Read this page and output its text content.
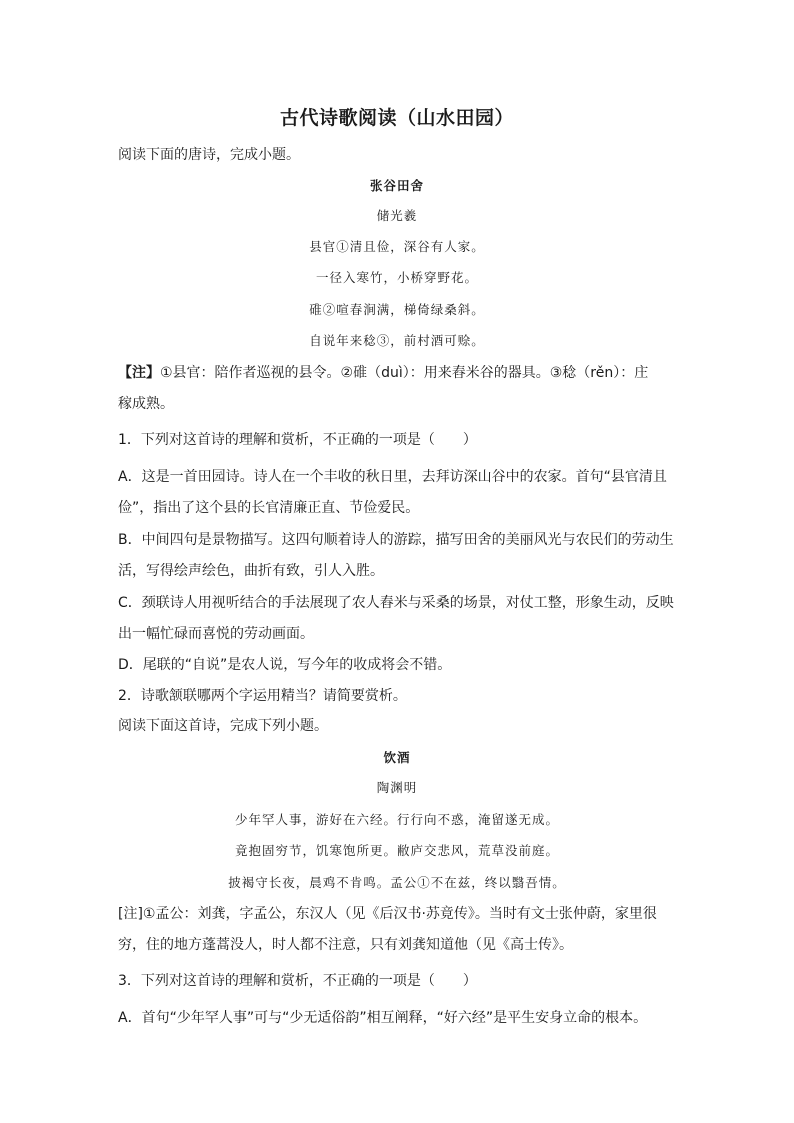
古代诗歌阅读（山水田园）
阅读下面的唐诗，完成小题。
张谷田舍
储光羲
县官①清且俭，深谷有人家。
一径入寒竹，小桥穿野花。
碓②喧春涧满，梯倚绿桑斜。
自说年来稔③，前村酒可赊。
【注】①县官：陪作者巡视的县令。②碓（duì）：用来舂米谷的器具。③稔（rěn）：庄
稼成熟。
1．下列对这首诗的理解和赏析，不正确的一项是（　　）
A．这是一首田园诗。诗人在一个丰收的秋日里，去拜访深山谷中的农家。首句“县官清且
俭”，指出了这个县的长官清廉正直、节俭爱民。
B．中间四句是景物描写。这四句顺着诗人的游踪，描写田舍的美丽风光与农民们的劳动生
活，写得绘声绘色，曲折有致，引人入胜。
C．颈联诗人用视听结合的手法展现了农人舂米与采桑的场景，对仗工整，形象生动，反映
出一幅忙碌而喜悦的劳动画面。
D．尾联的“自说”是农人说，写今年的收成将会不错。
2．诗歌颔联哪两个字运用精当？请简要赏析。
阅读下面这首诗，完成下列小题。
饮酒
陶渊明
少年罕人事，游好在六经。行行向不惑，淹留遂无成。
竟抱固穷节，饥寒饱所更。敝庐交悲风，荒草没前庭。
披褐守长夜，晨鸡不肯鸣。孟公①不在兹，终以翳吾情。
[注]①孟公：刘龚，字孟公，东汉人（见《后汉书·苏竟传》。当时有文士张仲蔚，家里很
穷，住的地方蓬蒿没人，时人都不注意，只有刘龚知道他（见《高士传》。
3．下列对这首诗的理解和赏析，不正确的一项是（　　）
A．首句“少年罕人事”可与“少无适俗韵”相互阐释，“好六经”是平生安身立命的根本。
